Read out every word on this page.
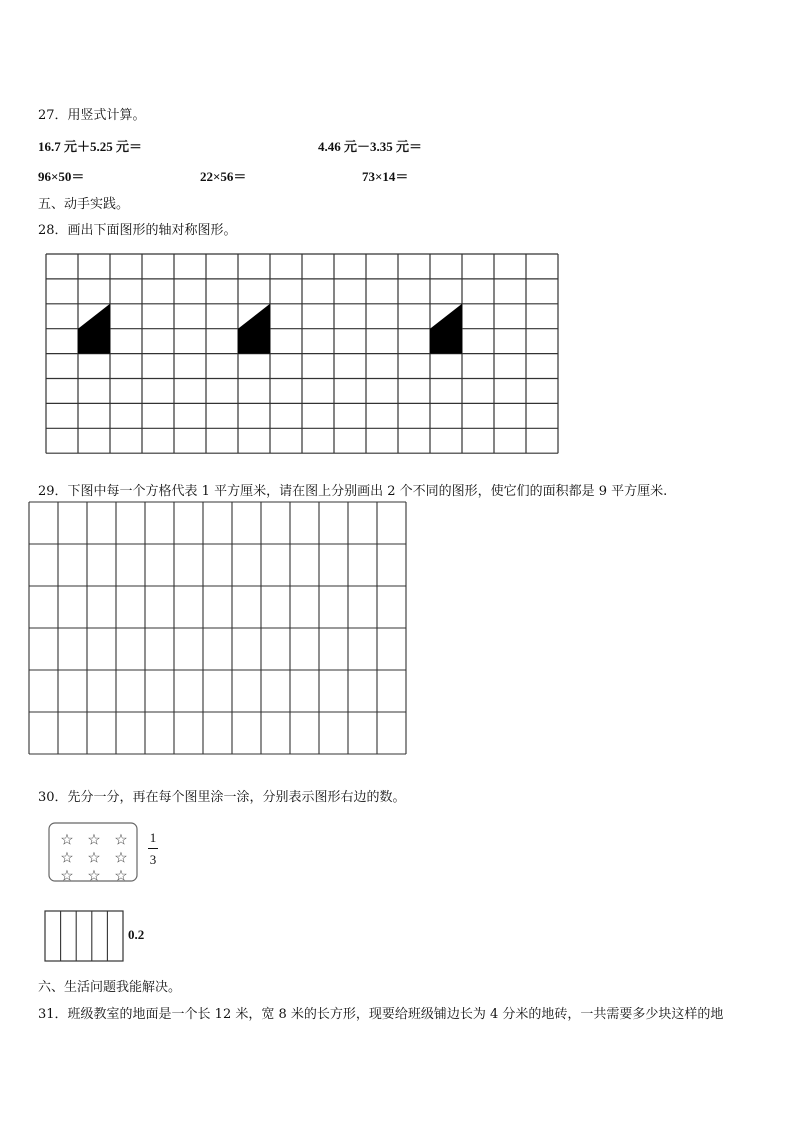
27．用竖式计算。
16.7 元＋5.25 元＝	4.46 元－3.35 元＝
96×50＝	22×56＝	73×14＝
五、动手实践。
28．画出下面图形的轴对称图形。
29．下图中每一个方格代表 1 平方厘米，请在图上分别画出 2 个不同的图形，使它们的面积都是 9 平方厘米.
30．先分一分，再在每个图里涂一涂，分别表示图形右边的数。
☆ ☆ ☆
☆ ☆ ☆
☆ ☆ ☆
1
3
0.2
六、生活问题我能解决。
31．班级教室的地面是一个长 12 米，宽 8 米的长方形，现要给班级铺边长为 4 分米的地砖，一共需要多少块这样的地
